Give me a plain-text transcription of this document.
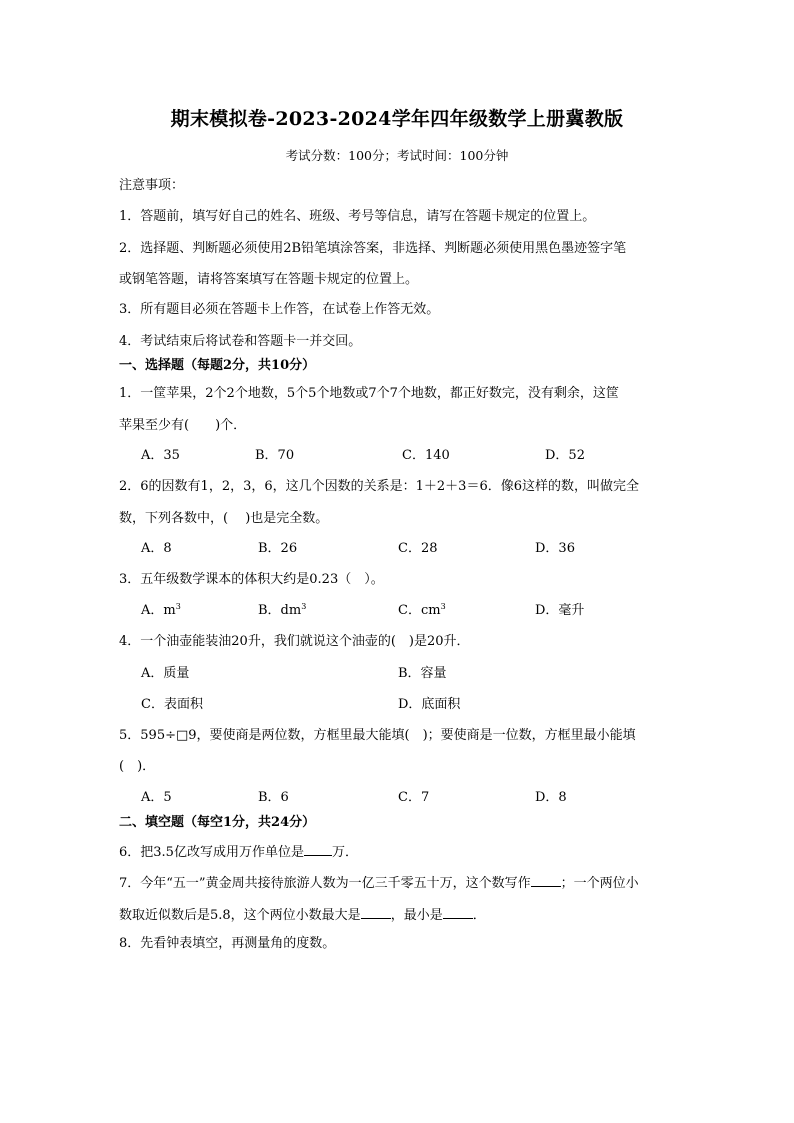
期末模拟卷-2023-2024学年四年级数学上册冀教版
考试分数：100分；考试时间：100分钟
注意事项：
1．答题前，填写好自己的姓名、班级、考号等信息，请写在答题卡规定的位置上。
2．选择题、判断题必须使用2B铅笔填涂答案，非选择、判断题必须使用黑色墨迹签字笔
或钢笔答题，请将答案填写在答题卡规定的位置上。
3．所有题目必须在答题卡上作答，在试卷上作答无效。
4．考试结束后将试卷和答题卡一并交回。
一、选择题（每题2分，共10分）
1．一筐苹果，2个2个地数，5个5个地数或7个7个地数，都正好数完，没有剩余，这筐
苹果至少有(　　)个．
A．35	B．70	C．140	D．52
2．6的因数有1，2，3，6，这几个因数的关系是：1＋2＋3＝6．像6这样的数，叫做完全
数，下列各数中，(　 )也是完全数。
A．8	B．26	C．28	D．36
3．五年级数学课本的体积大约是0.23（　）。
A．$m^3$	B．$dm^3$	C．$cm^3$	D．毫升
4．一个油壶能装油20升，我们就说这个油壶的(　)是20升．
A．质量	B．容量
C．表面积	D．底面积
5．595÷□9，要使商是两位数，方框里最大能填(　)；要使商是一位数，方框里最小能填
(　)．
A．5	B．6	C．7	D．8
二、填空题（每空1分，共24分）
6．把3.5亿改写成用万作单位是 万．
7．今年“五一”黄金周共接待旅游人数为一亿三千零五十万，这个数写作 ；一个两位小
数取近似数后是5.8，这个两位小数最大是 ，最小是 ．
8．先看钟表填空，再测量角的度数。
